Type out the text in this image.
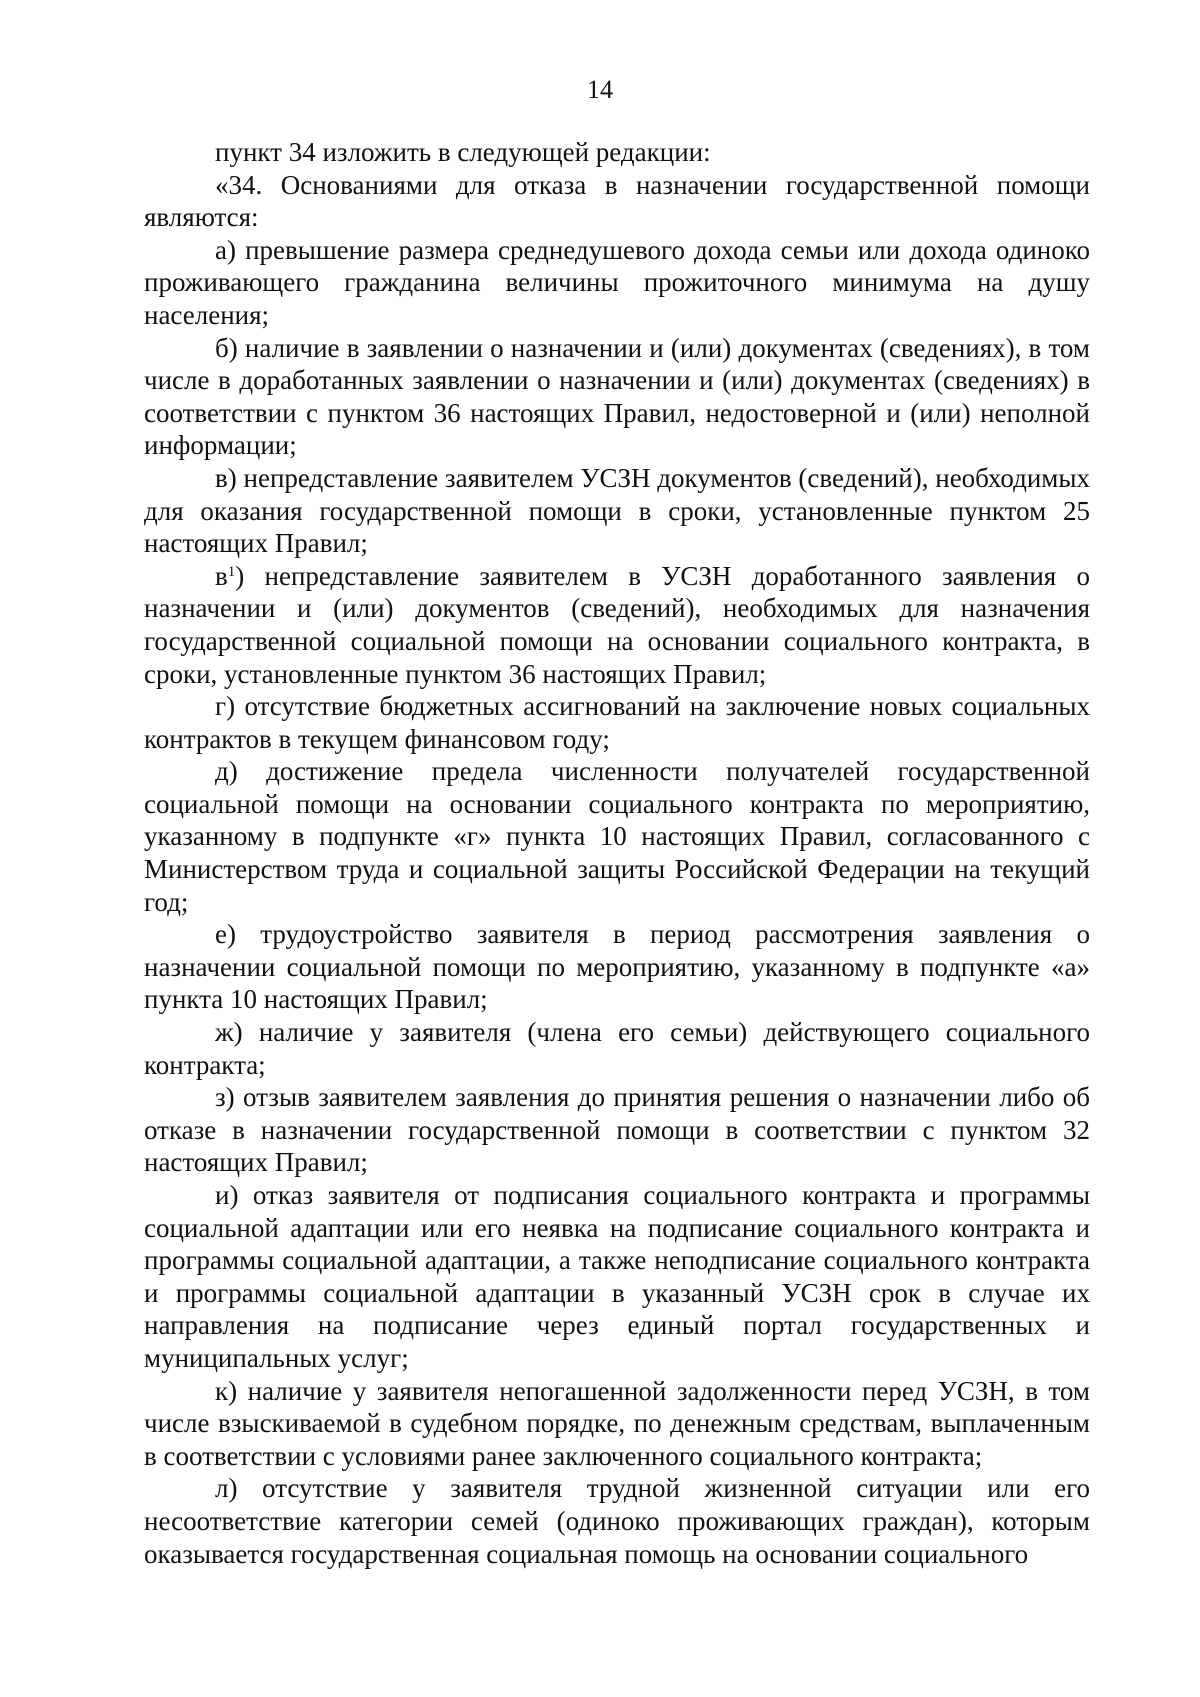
14

пункт 34 изложить в следующей редакции:

«34. Основаниями для отказа в назначении государственной помощи являются:

а) превышение размера среднедушевого дохода семьи или дохода одиноко проживающего гражданина величины прожиточного минимума на душу населения;

б) наличие в заявлении о назначении и (или) документах (сведениях), в том числе в доработанных заявлении о назначении и (или) документах (сведениях) в соответствии с пунктом 36 настоящих Правил, недостоверной и (или) неполной информации;

в) непредставление заявителем УСЗН документов (сведений), необходимых для оказания государственной помощи в сроки, установленные пунктом 25 настоящих Правил;

$в^1$) непредставление заявителем в УСЗН доработанного заявления о назначении и (или) документов (сведений), необходимых для назначения государственной социальной помощи на основании социального контракта, в сроки, установленные пунктом 36 настоящих Правил;

г) отсутствие бюджетных ассигнований на заключение новых социальных контрактов в текущем финансовом году;

д) достижение предела численности получателей государственной социальной помощи на основании социального контракта по мероприятию, указанному в подпункте «г» пункта 10 настоящих Правил, согласованного с Министерством труда и социальной защиты Российской Федерации на текущий год;

е) трудоустройство заявителя в период рассмотрения заявления о назначении социальной помощи по мероприятию, указанному в подпункте «а» пункта 10 настоящих Правил;

ж) наличие у заявителя (члена его семьи) действующего социального контракта;

з) отзыв заявителем заявления до принятия решения о назначении либо об отказе в назначении государственной помощи в соответствии с пунктом 32 настоящих Правил;

и) отказ заявителя от подписания социального контракта и программы социальной адаптации или его неявка на подписание социального контракта и программы социальной адаптации, а также неподписание социального контракта и программы социальной адаптации в указанный УСЗН срок в случае их направления на подписание через единый портал государственных и муниципальных услуг;

к) наличие у заявителя непогашенной задолженности перед УСЗН, в том числе взыскиваемой в судебном порядке, по денежным средствам, выплаченным в соответствии с условиями ранее заключенного социального контракта;

л) отсутствие у заявителя трудной жизненной ситуации или его несоответствие категории семей (одиноко проживающих граждан), которым оказывается государственная социальная помощь на основании социального
